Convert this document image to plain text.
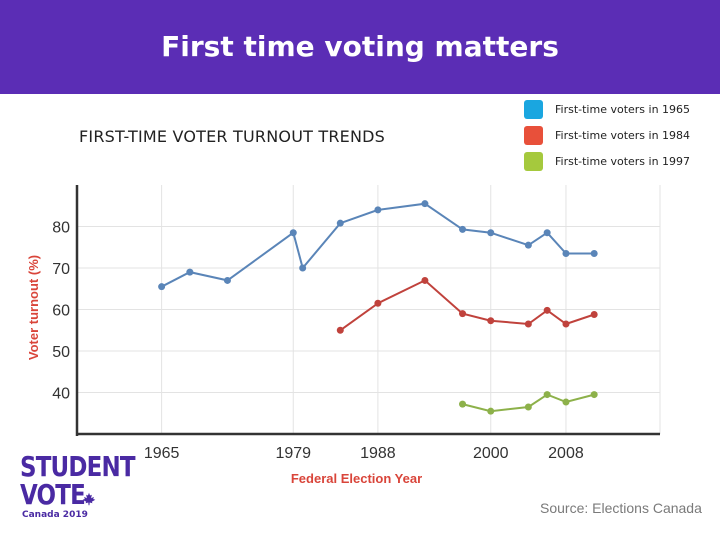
First time voting matters
FIRST-TIME VOTER TURNOUT TRENDS
First-time voters in 1965
First-time voters in 1984
First-time voters in 1997
40
50
60
70
80
1965	1979	1988	2000 2008
Federal Election Year
Voter turnout (%)
STUDENT
VOTE
Canada 2019	Source: Elections Canada
